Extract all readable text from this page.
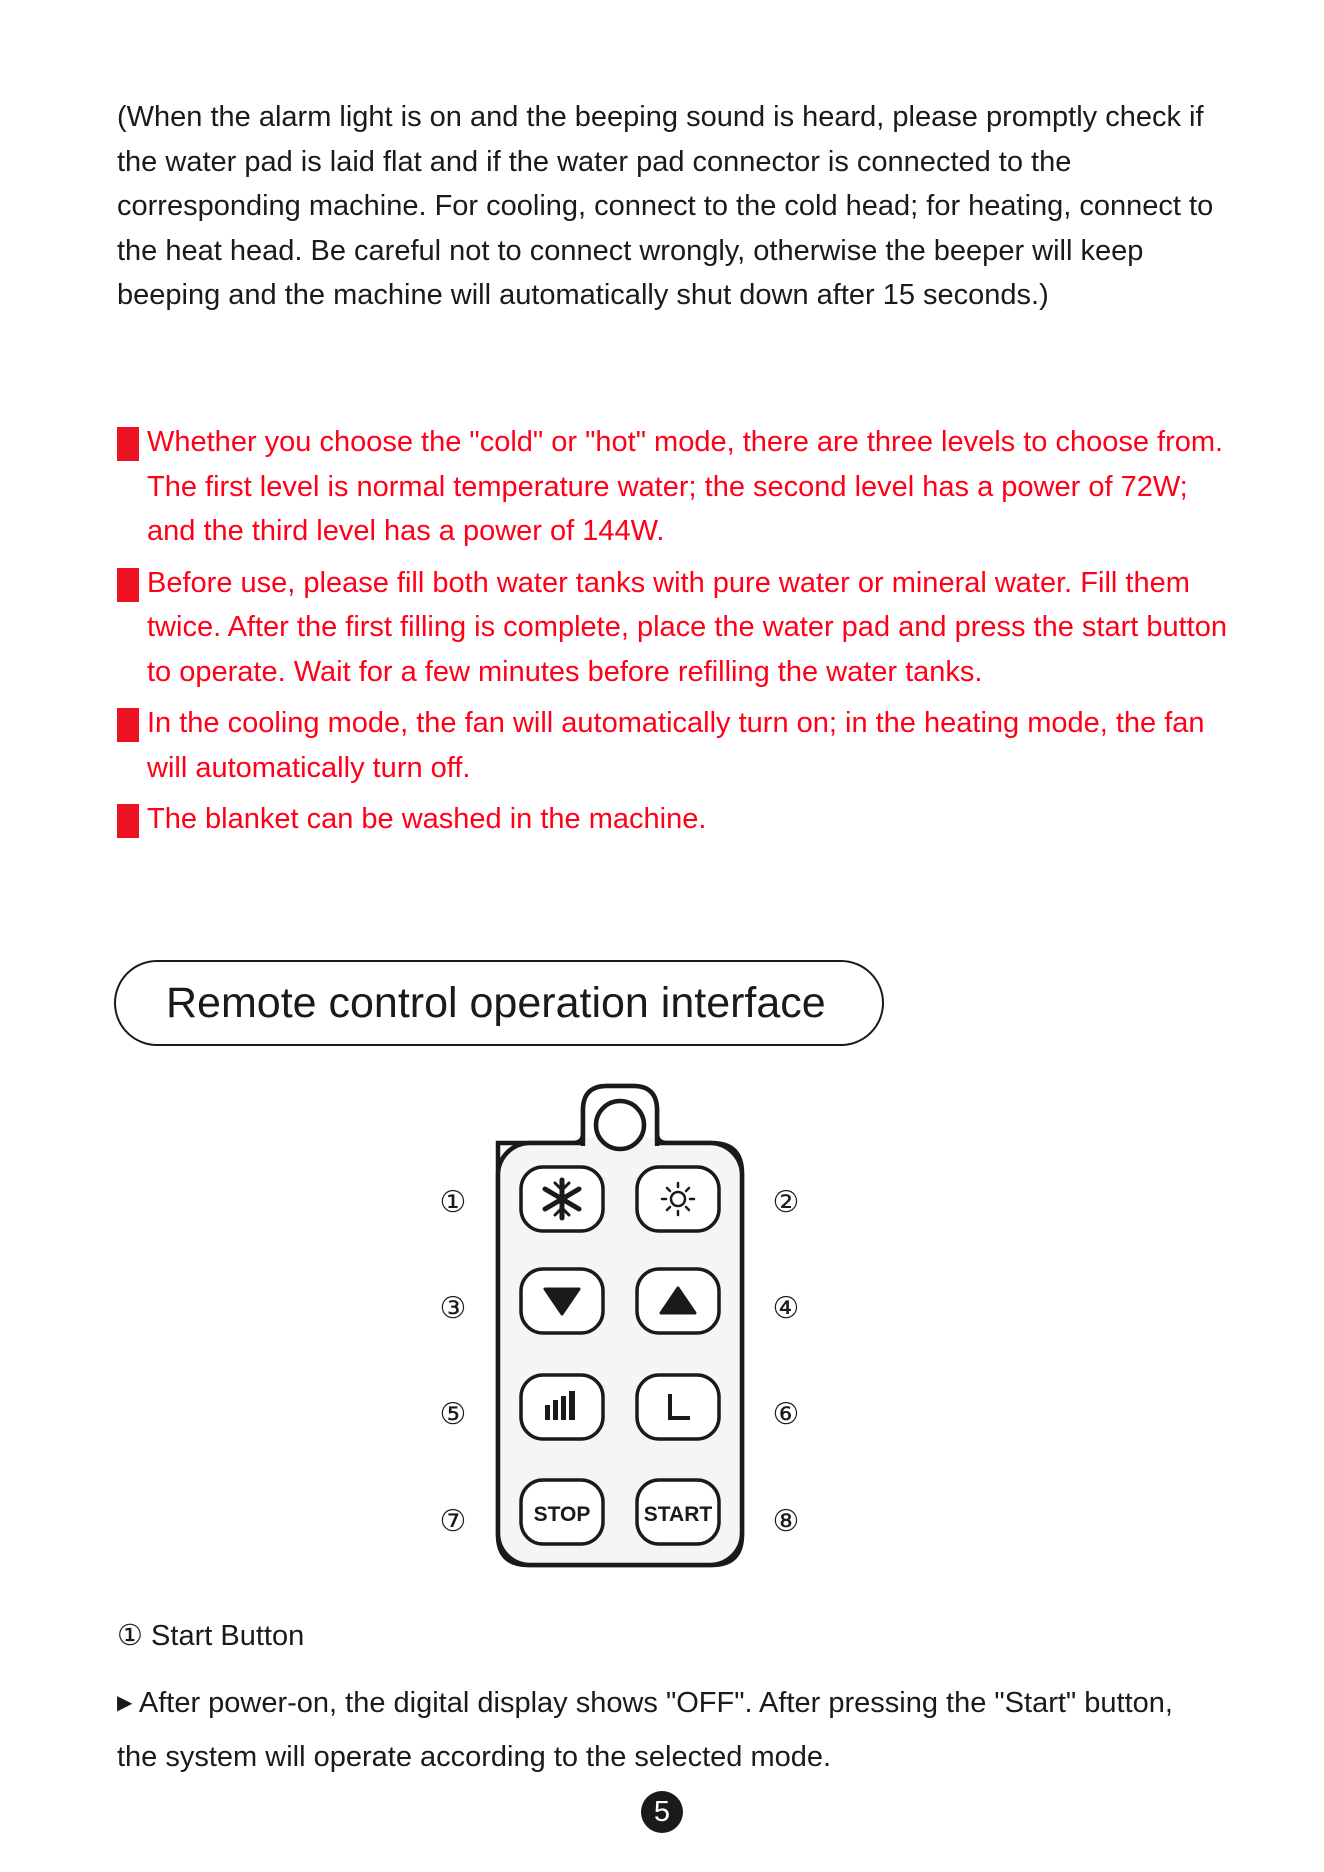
(When the alarm light is on and the beeping sound is heard, please promptly check if the water pad is laid flat and if the water pad connector is connected to the corresponding machine. For cooling, connect to the cold head; for heating, connect to the heat head. Be careful not to connect wrongly, otherwise the beeper will keep beeping and the machine will automatically shut down after 15 seconds.)

Whether you choose the "cold" or "hot" mode, there are three levels to choose from. The first level is normal temperature water; the second level has a power of 72W; and the third level has a power of 144W.
Before use, please fill both water tanks with pure water or mineral water. Fill them twice. After the first filling is complete, place the water pad and press the start button to operate. Wait for a few minutes before refilling the water tanks.
In the cooling mode, the fan will automatically turn on; in the heating mode, the fan will automatically turn off.
The blanket can be washed in the machine.
Remote control operation interface
STOP	START
①	②
③	④
⑤	⑥
⑦	⑧
① Start Button

▶ After power-on, the digital display shows "OFF". After pressing the "Start" button, the system will operate according to the selected mode.

5
